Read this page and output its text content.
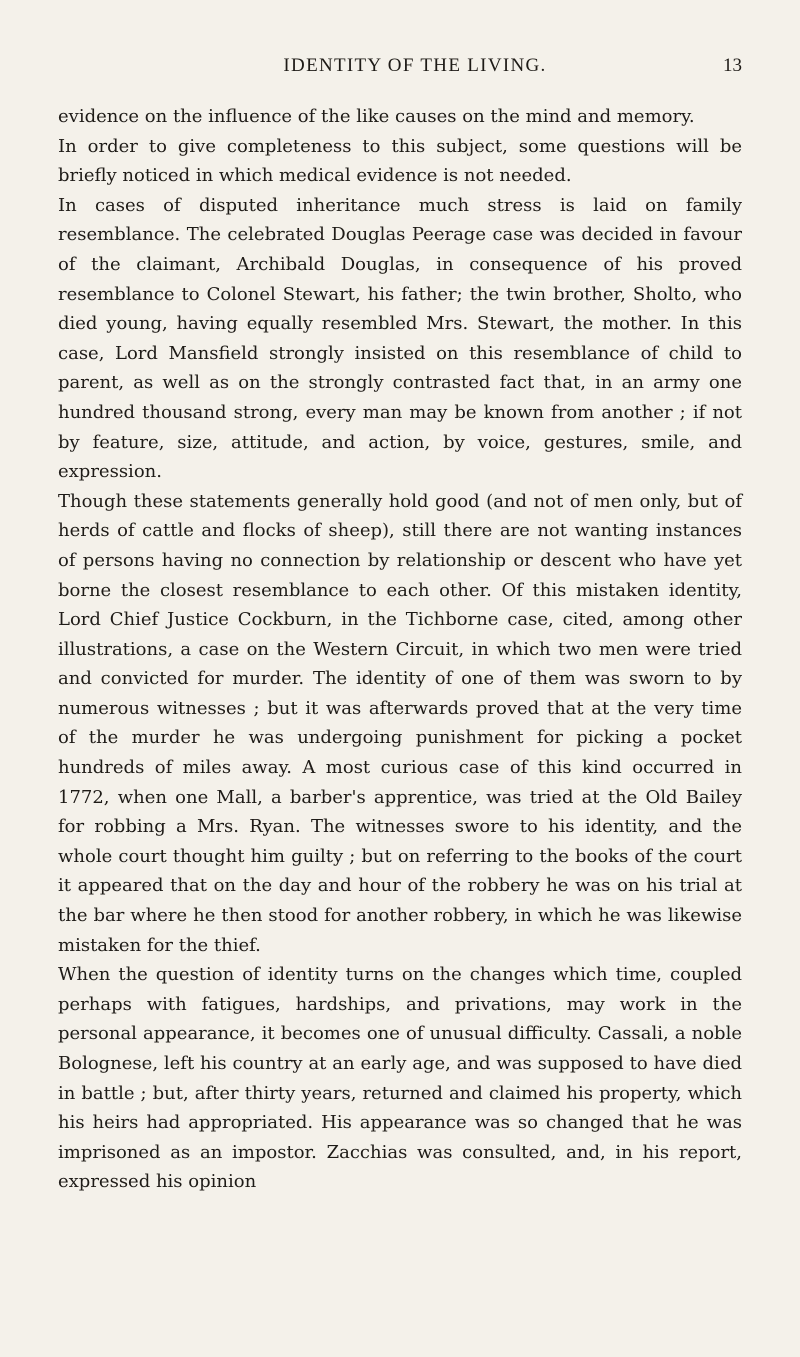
IDENTITY OF THE LIVING.	13

evidence on the influence of the like causes on the mind and memory.

In order to give completeness to this subject, some questions will be briefly noticed in which medical evidence is not needed.

In cases of disputed inheritance much stress is laid on family resemblance. The celebrated Douglas Peerage case was decided in favour of the claimant, Archibald Douglas, in consequence of his proved resemblance to Colonel Stewart, his father; the twin brother, Sholto, who died young, having equally resembled Mrs. Stewart, the mother. In this case, Lord Mansfield strongly insisted on this resemblance of child to parent, as well as on the strongly contrasted fact that, in an army one hundred thousand strong, every man may be known from another ; if not by feature, size, attitude, and action, by voice, gestures, smile, and expression.

Though these statements generally hold good (and not of men only, but of herds of cattle and flocks of sheep), still there are not wanting instances of persons having no connection by relationship or descent who have yet borne the closest resemblance to each other. Of this mistaken identity, Lord Chief Justice Cockburn, in the Tichborne case, cited, among other illustrations, a case on the Western Circuit, in which two men were tried and convicted for murder. The identity of one of them was sworn to by numerous witnesses ; but it was afterwards proved that at the very time of the murder he was undergoing punishment for picking a pocket hundreds of miles away. A most curious case of this kind occurred in 1772, when one Mall, a barber's apprentice, was tried at the Old Bailey for robbing a Mrs. Ryan. The witnesses swore to his identity, and the whole court thought him guilty ; but on referring to the books of the court it appeared that on the day and hour of the robbery he was on his trial at the bar where he then stood for another robbery, in which he was likewise mistaken for the thief.

When the question of identity turns on the changes which time, coupled perhaps with fatigues, hardships, and privations, may work in the personal appearance, it becomes one of unusual difficulty. Cassali, a noble Bolognese, left his country at an early age, and was supposed to have died in battle ; but, after thirty years, returned and claimed his property, which his heirs had appropriated. His appearance was so changed that he was imprisoned as an impostor. Zacchias was consulted, and, in his report, expressed his opinion
